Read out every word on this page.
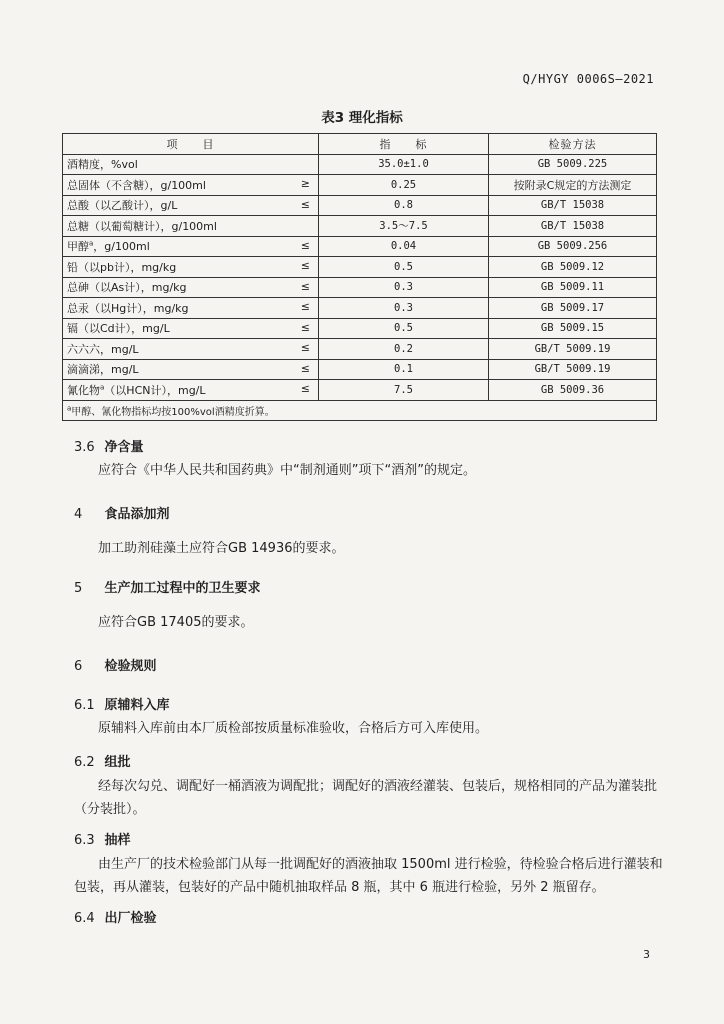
Q/HYGY 0006S—2021
表3 理化指标
项　　目	指　　标	检验方法
酒精度，%vol	35.0±1.0	GB 5009.225
总固体（不含糖），g/100ml ≥	0.25	按附录C规定的方法测定
总酸（以乙酸计），g/L ≤	0.8	GB/T 15038
总糖（以葡萄糖计），g/100ml	3.5～7.5	GB/T 15038
甲醇$^a$，g/100ml ≤	0.04	GB 5009.256
铅（以pb计），mg/kg ≤	0.5	GB 5009.12
总砷（以As计），mg/kg ≤	0.3	GB 5009.11
总汞（以Hg计），mg/kg ≤	0.3	GB 5009.17
镉（以Cd计），mg/L ≤	0.5	GB 5009.15
六六六，mg/L ≤	0.2	GB/T 5009.19
滴滴涕，mg/L ≤	0.1	GB/T 5009.19
氰化物$^a$（以HCN计），mg/L ≤	7.5	GB 5009.36
$^a$甲醇、氰化物指标均按100%vol酒精度折算。		
3.6 净含量
应符合《中华人民共和国药典》中“制剂通则”项下“酒剂”的规定。
4 食品添加剂
加工助剂硅藻土应符合GB 14936的要求。
5 生产加工过程中的卫生要求
应符合GB 17405的要求。
6 检验规则
6.1 原辅料入库
原辅料入库前由本厂质检部按质量标准验收，合格后方可入库使用。
6.2 组批
经每次勾兑、调配好一桶酒液为调配批；调配好的酒液经灌装、包装后，规格相同的产品为灌装批（分装批）。
6.3 抽样
由生产厂的技术检验部门从每一批调配好的酒液抽取 1500ml 进行检验，待检验合格后进行灌装和包装，再从灌装，包装好的产品中随机抽取样品 8 瓶，其中 6 瓶进行检验，另外 2 瓶留存。
6.4 出厂检验
3
